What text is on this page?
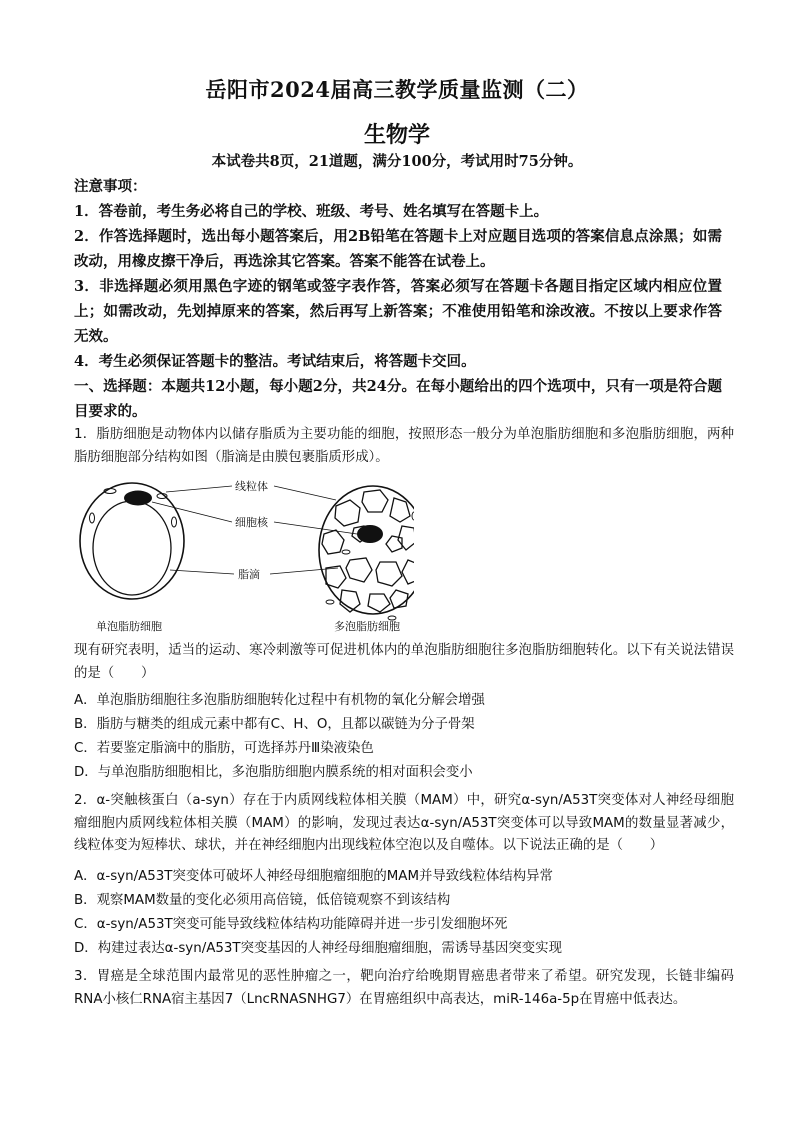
岳阳市2024届高三教学质量监测（二）
生物学
本试卷共8页，21道题，满分100分，考试用时75分钟。

注意事项：

1．答卷前，考生务必将自己的学校、班级、考号、姓名填写在答题卡上。

2．作答选择题时，选出每小题答案后，用2B铅笔在答题卡上对应题目选项的答案信息点涂黑；如需改动，用橡皮擦干净后，再选涂其它答案。答案不能答在试卷上。

3．非选择题必须用黑色字迹的钢笔或签字表作答，答案必须写在答题卡各题目指定区域内相应位置上；如需改动，先划掉原来的答案，然后再写上新答案；不准使用铅笔和涂改液。不按以上要求作答无效。

4．考生必须保证答题卡的整洁。考试结束后，将答题卡交回。

一、选择题：本题共12小题，每小题2分，共24分。在每小题给出的四个选项中，只有一项是符合题目要求的。

1．脂肪细胞是动物体内以储存脂质为主要功能的细胞，按照形态一般分为单泡脂肪细胞和多泡脂肪细胞，两种脂肪细胞部分结构如图（脂滴是由膜包裹脂质形成）。

线粒体
细胞核
脂滴
单泡脂肪细胞	多泡脂肪细胞

现有研究表明，适当的运动、寒冷刺激等可促进机体内的单泡脂肪细胞往多泡脂肪细胞转化。以下有关说法错误的是（　　）

A．单泡脂肪细胞往多泡脂肪细胞转化过程中有机物的氧化分解会增强
B．脂肪与糖类的组成元素中都有C、H、O，且都以碳链为分子骨架
C．若要鉴定脂滴中的脂肪，可选择苏丹Ⅲ染液染色
D．与单泡脂肪细胞相比，多泡脂肪细胞内膜系统的相对面积会变小

2．α-突触核蛋白（a-syn）存在于内质网线粒体相关膜（MAM）中，研究α-syn/A53T突变体对人神经母细胞瘤细胞内质网线粒体相关膜（MAM）的影响，发现过表达α-syn/A53T突变体可以导致MAM的数量显著减少，线粒体变为短棒状、球状，并在神经细胞内出现线粒体空泡以及自噬体。以下说法正确的是（　　）

A．α-syn/A53T突变体可破坏人神经母细胞瘤细胞的MAM并导致线粒体结构异常
B．观察MAM数量的变化必须用高倍镜，低倍镜观察不到该结构
C．α-syn/A53T突变可能导致线粒体结构功能障碍并进一步引发细胞坏死
D．构建过表达α-syn/A53T突变基因的人神经母细胞瘤细胞，需诱导基因突变实现

3．胃癌是全球范围内最常见的恶性肿瘤之一，靶向治疗给晚期胃癌患者带来了希望。研究发现，长链非编码RNA小核仁RNA宿主基因7（LncRNASNHG7）在胃癌组织中高表达，miR-146a-5p在胃癌中低表达。
